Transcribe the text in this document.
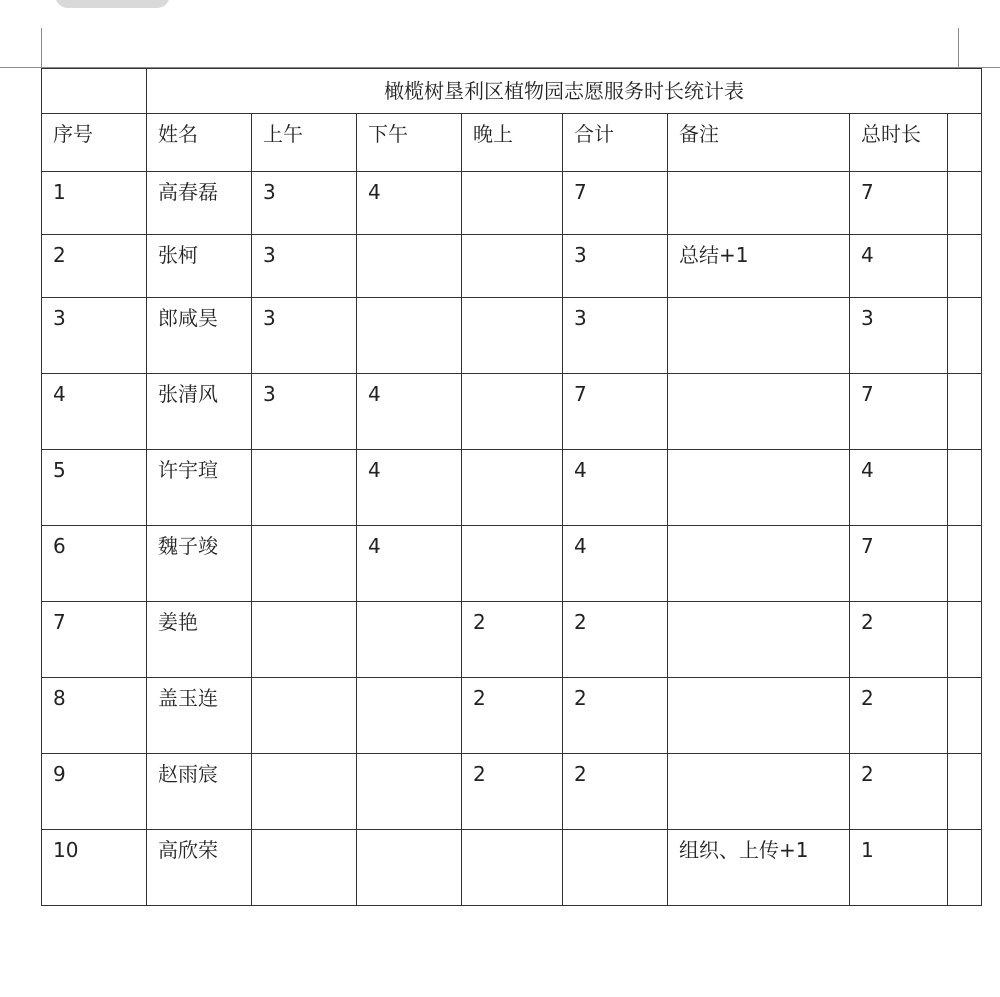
	橄榄树垦利区植物园志愿服务时长统计表							

序号	姓名	上午	下午	晚上	合计	备注	总时长	

1	高春磊	3	4		7		7	

2	张柯	3			3	总结+1	4	

3	郎咸昊	3			3		3	

4	张清风	3	4		7		7	

5	许宇瑄		4		4		4	

6	魏子竣		4		4		7	

7	姜艳			2	2		2	

8	盖玉连			2	2		2	

9	赵雨宸			2	2		2	

10	高欣荣					组织、上传+1	1	
